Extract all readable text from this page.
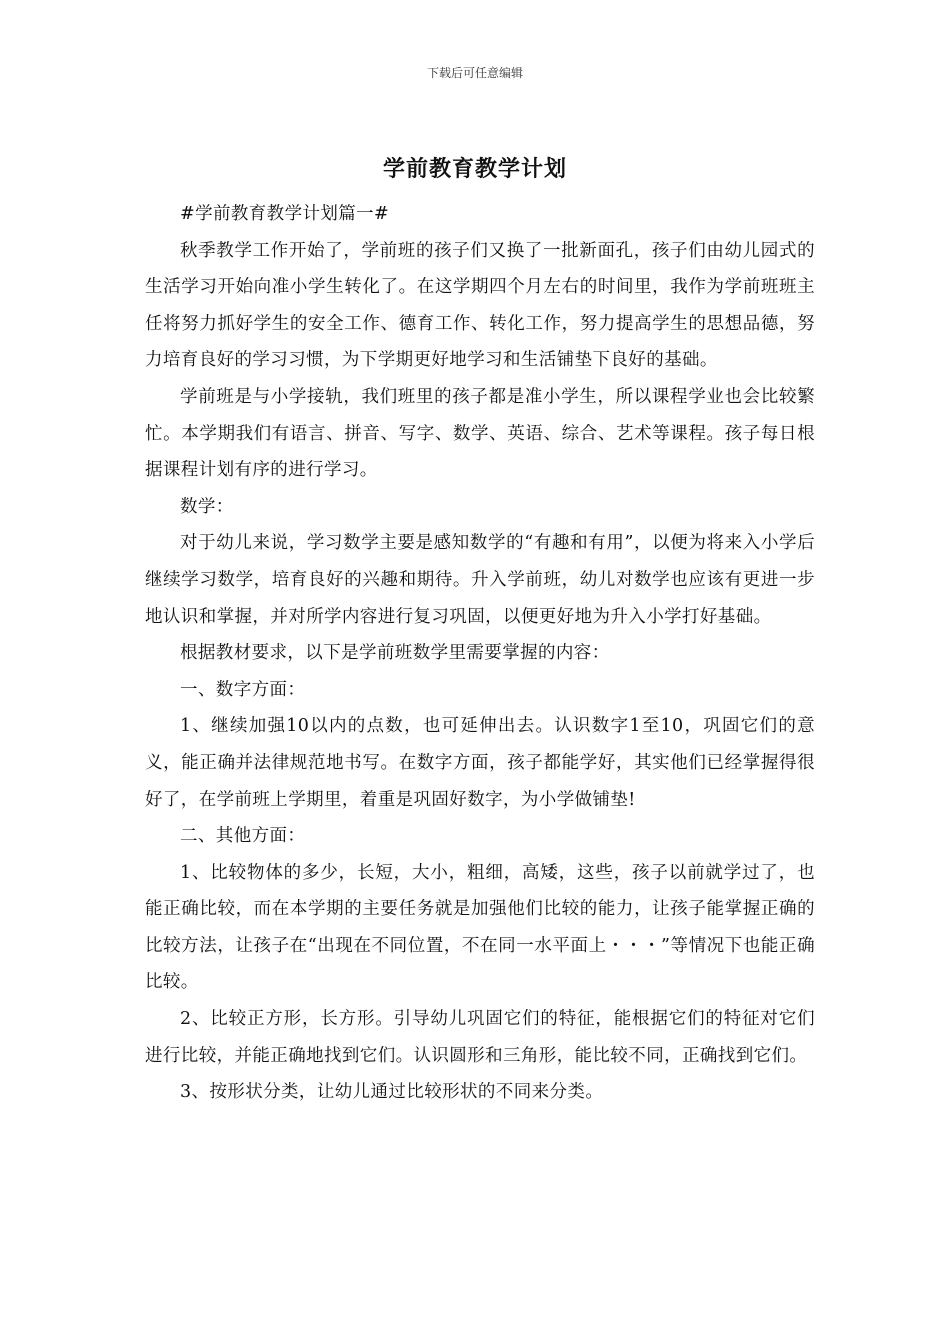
下载后可任意编辑
学前教育教学计划

#学前教育教学计划篇一#

秋季教学工作开始了，学前班的孩子们又换了一批新面孔，孩子们由幼儿园式的生活学习开始向准小学生转化了。在这学期四个月左右的时间里，我作为学前班班主任将努力抓好学生的安全工作、德育工作、转化工作，努力提高学生的思想品德，努力培育良好的学习习惯，为下学期更好地学习和生活铺垫下良好的基础。

学前班是与小学接轨，我们班里的孩子都是准小学生，所以课程学业也会比较繁忙。本学期我们有语言、拼音、写字、数学、英语、综合、艺术等课程。孩子每日根据课程计划有序的进行学习。

数学：

对于幼儿来说，学习数学主要是感知数学的“有趣和有用”，以便为将来入小学后继续学习数学，培育良好的兴趣和期待。升入学前班，幼儿对数学也应该有更进一步地认识和掌握，并对所学内容进行复习巩固，以便更好地为升入小学打好基础。

根据教材要求，以下是学前班数学里需要掌握的内容：

一、数字方面：

1、继续加强10以内的点数，也可延伸出去。认识数字1至10，巩固它们的意义，能正确并法律规范地书写。在数字方面，孩子都能学好，其实他们已经掌握得很好了，在学前班上学期里，着重是巩固好数字，为小学做铺垫!

二、其他方面：

1、比较物体的多少，长短，大小，粗细，高矮，这些，孩子以前就学过了，也能正确比较，而在本学期的主要任务就是加强他们比较的能力，让孩子能掌握正确的比较方法，让孩子在“出现在不同位置，不在同一水平面上・・・”等情况下也能正确比较。

2、比较正方形，长方形。引导幼儿巩固它们的特征，能根据它们的特征对它们进行比较，并能正确地找到它们。认识圆形和三角形，能比较不同，正确找到它们。

3、按形状分类，让幼儿通过比较形状的不同来分类。
